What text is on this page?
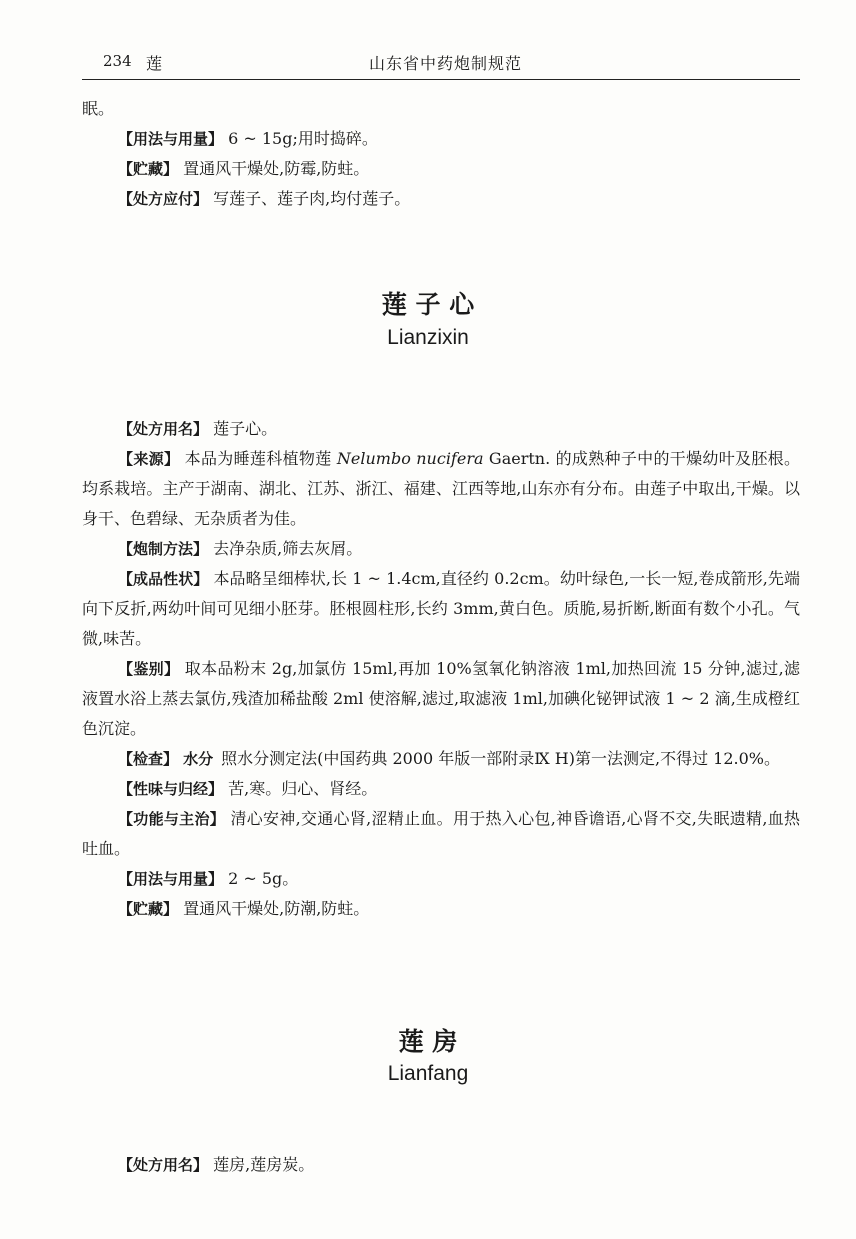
234 莲	山东省中药炮制规范

眠。

【用法与用量】 6 ~ 15g;用时捣碎。

【贮藏】 置通风干燥处,防霉,防蛀。

【处方应付】 写莲子、莲子肉,均付莲子。

莲 子 心
Lianzixin

【处方用名】 莲子心。

【来源】 本品为睡莲科植物莲 Nelumbo nucifera Gaertn. 的成熟种子中的干燥幼叶及胚根。均系栽培。主产于湖南、湖北、江苏、浙江、福建、江西等地,山东亦有分布。由莲子中取出,干燥。以身干、色碧绿、无杂质者为佳。

【炮制方法】 去净杂质,筛去灰屑。

【成品性状】 本品略呈细棒状,长 1 ~ 1.4cm,直径约 0.2cm。幼叶绿色,一长一短,卷成箭形,先端向下反折,两幼叶间可见细小胚芽。胚根圆柱形,长约 3mm,黄白色。质脆,易折断,断面有数个小孔。气微,味苦。

【鉴别】 取本品粉末 2g,加氯仿 15ml,再加 10%氢氧化钠溶液 1ml,加热回流 15 分钟,滤过,滤液置水浴上蒸去氯仿,残渣加稀盐酸 2ml 使溶解,滤过,取滤液 1ml,加碘化铋钾试液 1 ~ 2 滴,生成橙红色沉淀。

【检查】 水分 照水分测定法(中国药典 2000 年版一部附录Ⅸ H)第一法测定,不得过 12.0%。

【性味与归经】 苦,寒。归心、肾经。

【功能与主治】 清心安神,交通心肾,涩精止血。用于热入心包,神昏谵语,心肾不交,失眠遗精,血热吐血。

【用法与用量】 2 ~ 5g。

【贮藏】 置通风干燥处,防潮,防蛀。

莲 房
Lianfang

【处方用名】 莲房,莲房炭。
